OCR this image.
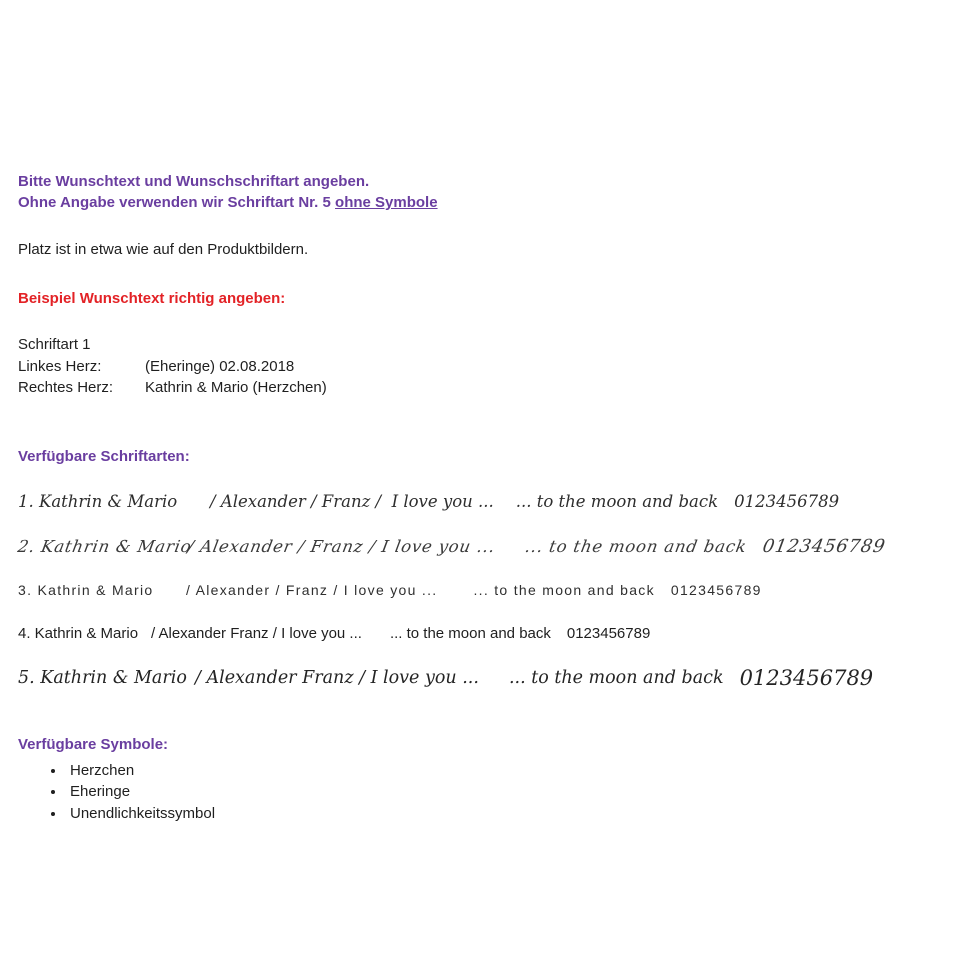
Bitte Wunschtext und Wunschschriftart angeben.
Ohne Angabe verwenden wir Schriftart Nr. 5 ohne Symbole

Platz ist in etwa wie auf den Produktbildern.

Beispiel Wunschtext richtig angeben:
Schriftart 1
Linkes Herz:	(Eheringe) 02.08.2018
Rechtes Herz: Kathrin & Mario (Herzchen)
Verfügbare Schriftarten:
1. Kathrin & Mario	/ Alexander / Franz /  I love you ... ... to the moon and back 0123456789
2. Kathrin & Mario
/ Alexander / Franz / I love you ... ... to the moon and back 0123456789
3. Kathrin & Mario	/ Alexander / Franz / I love you ...	... to the moon and back 0123456789
4. Kathrin & Mario / Alexander Franz / I love you ... ... to the moon and back 0123456789
5. Kathrin & Mario / Alexander Franz / I love you ... ... to the moon and back 0123456789
Verfügbare Symbole:
• Herzchen
• Eheringe
• Unendlichkeitssymbol
